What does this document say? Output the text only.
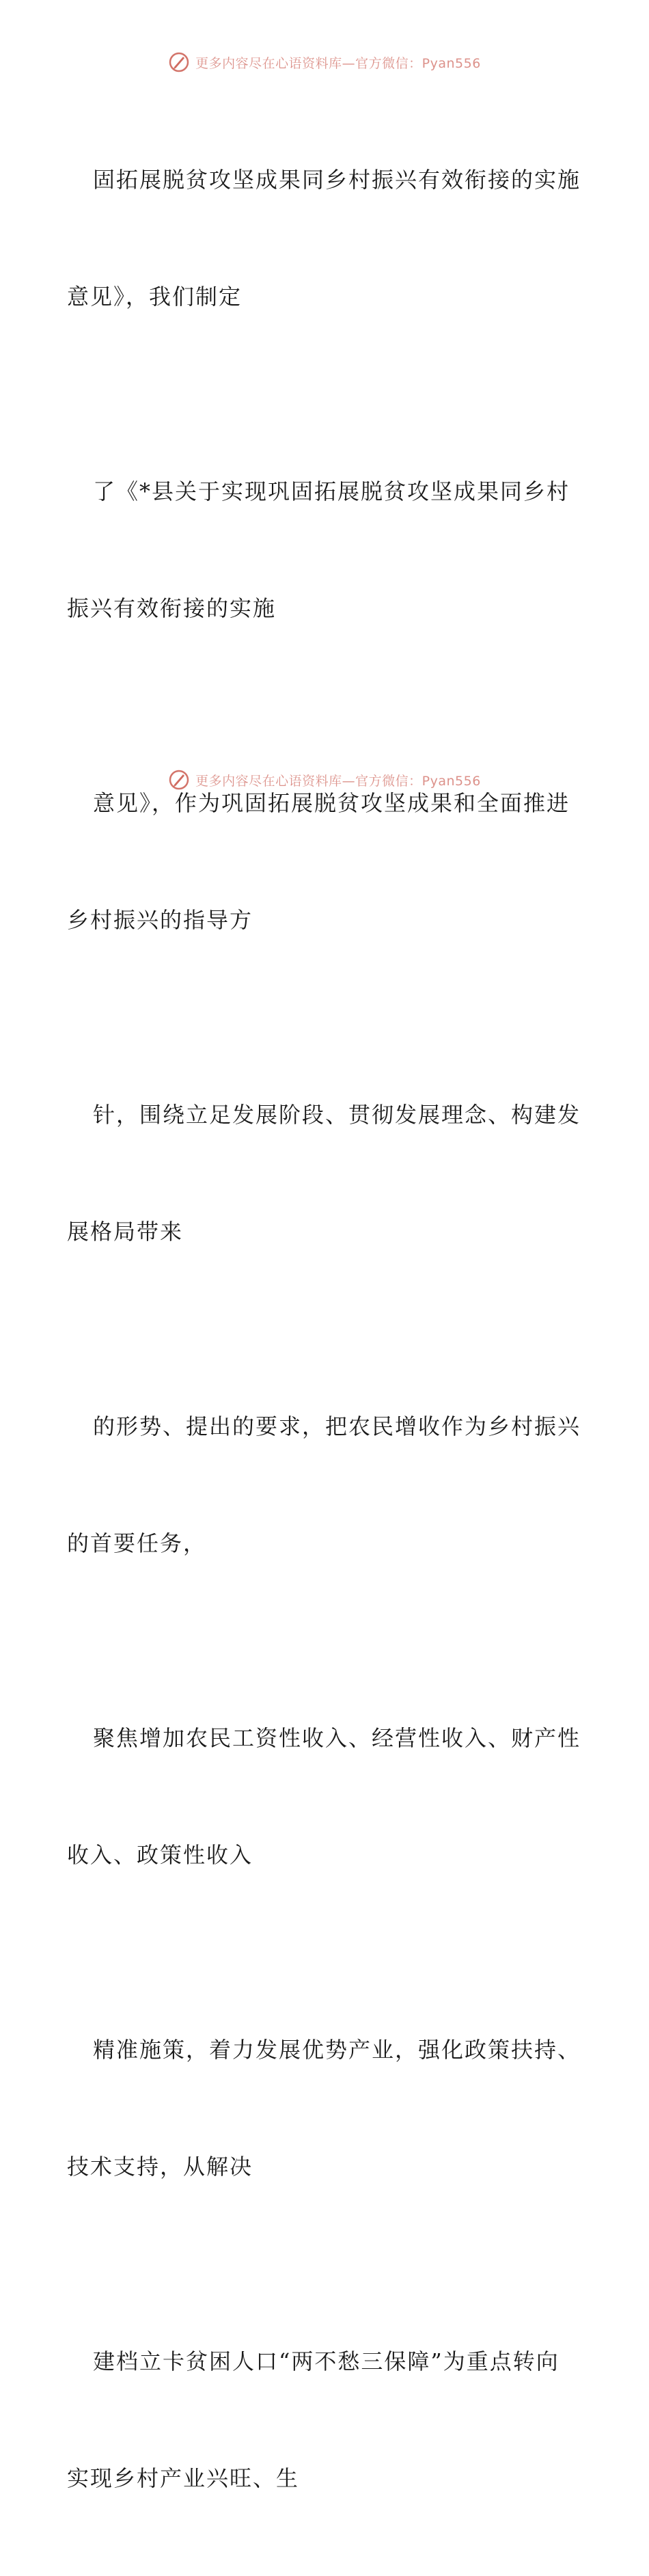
更多内容尽在心语资料库—官方微信：Pyan556

固拓展脱贫攻坚成果同乡村振兴有效衔接的实施

意见》，我们制定

了《*县关于实现巩固拓展脱贫攻坚成果同乡村

振兴有效衔接的实施

意见》，作为巩固拓展脱贫攻坚成果和全面推进

乡村振兴的指导方

针，围绕立足发展阶段、贯彻发展理念、构建发

展格局带来

的形势、提出的要求，把农民增收作为乡村振兴

的首要任务，

聚焦增加农民工资性收入、经营性收入、财产性

收入、政策性收入

精准施策，着力发展优势产业，强化政策扶持、

技术支持，从解决

建档立卡贫困人口“两不愁三保障”为重点转向

实现乡村产业兴旺、生

更多内容尽在心语资料库—官方微信：Pyan556
